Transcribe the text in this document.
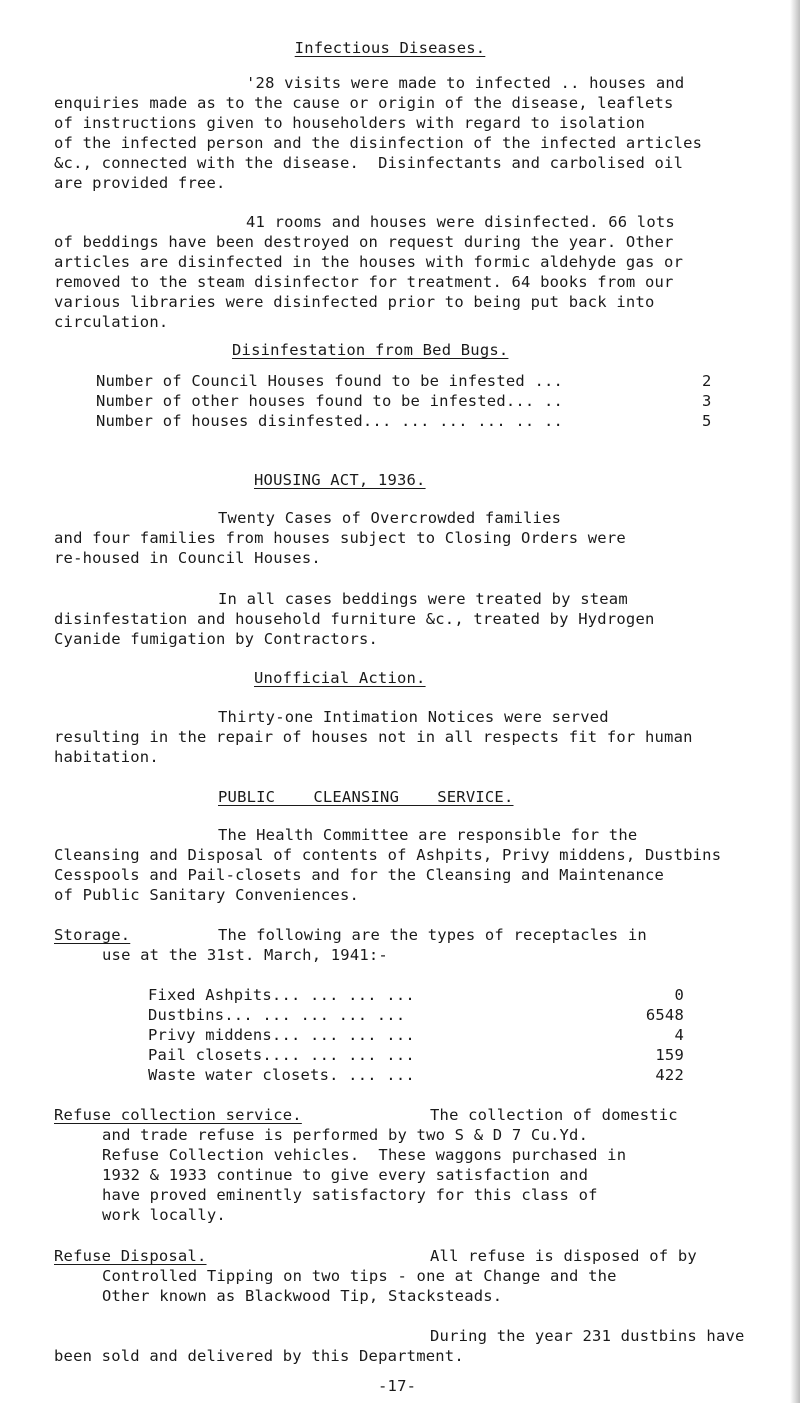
Infectious Diseases.

'28 visits were made to infected .. houses and

enquiries made as to the cause or origin of the disease, leaflets

of instructions given to householders with regard to isolation

of the infected person and the disinfection of the infected articles

&c., connected with the disease.  Disinfectants and carbolised oil

are provided free.

41 rooms and houses were disinfected. 66 lots

of beddings have been destroyed on request during the year. Other

articles are disinfected in the houses with formic aldehyde gas or

removed to the steam disinfector for treatment. 64 books from our

various libraries were disinfected prior to being put back into

circulation.

Disinfestation from Bed Bugs.

Number of Council Houses found to be infested ...	2

Number of other houses found to be infested... ..	3

Number of houses disinfested... ... ... ... .. ..	5

HOUSING ACT, 1936.

Twenty Cases of Overcrowded families

and four families from houses subject to Closing Orders were

re-housed in Council Houses.

In all cases beddings were treated by steam

disinfestation and household furniture &c., treated by Hydrogen

Cyanide fumigation by Contractors.

Unofficial Action.

Thirty-one Intimation Notices were served

resulting in the repair of houses not in all respects fit for human

habitation.

PUBLIC    CLEANSING    SERVICE.

The Health Committee are responsible for the

Cleansing and Disposal of contents of Ashpits, Privy middens, Dustbins

Cesspools and Pail-closets and for the Cleansing and Maintenance

of Public Sanitary Conveniences.

Storage.	The following are the types of receptacles in

use at the 31st. March, 1941:-

Fixed Ashpits... ... ... ...	0

Dustbins... ... ... ... ...	6548

Privy middens... ... ... ...	4

Pail closets.... ... ... ...	159

Waste water closets. ... ...	422

Refuse collection service.	The collection of domestic

and trade refuse is performed by two S & D 7 Cu.Yd.

Refuse Collection vehicles.  These waggons purchased in

1932 & 1933 continue to give every satisfaction and

have proved eminently satisfactory for this class of

work locally.

Refuse Disposal.	All refuse is disposed of by

Controlled Tipping on two tips - one at Change and the

Other known as Blackwood Tip, Stacksteads.

During the year 231 dustbins have

been sold and delivered by this Department.

-17-
